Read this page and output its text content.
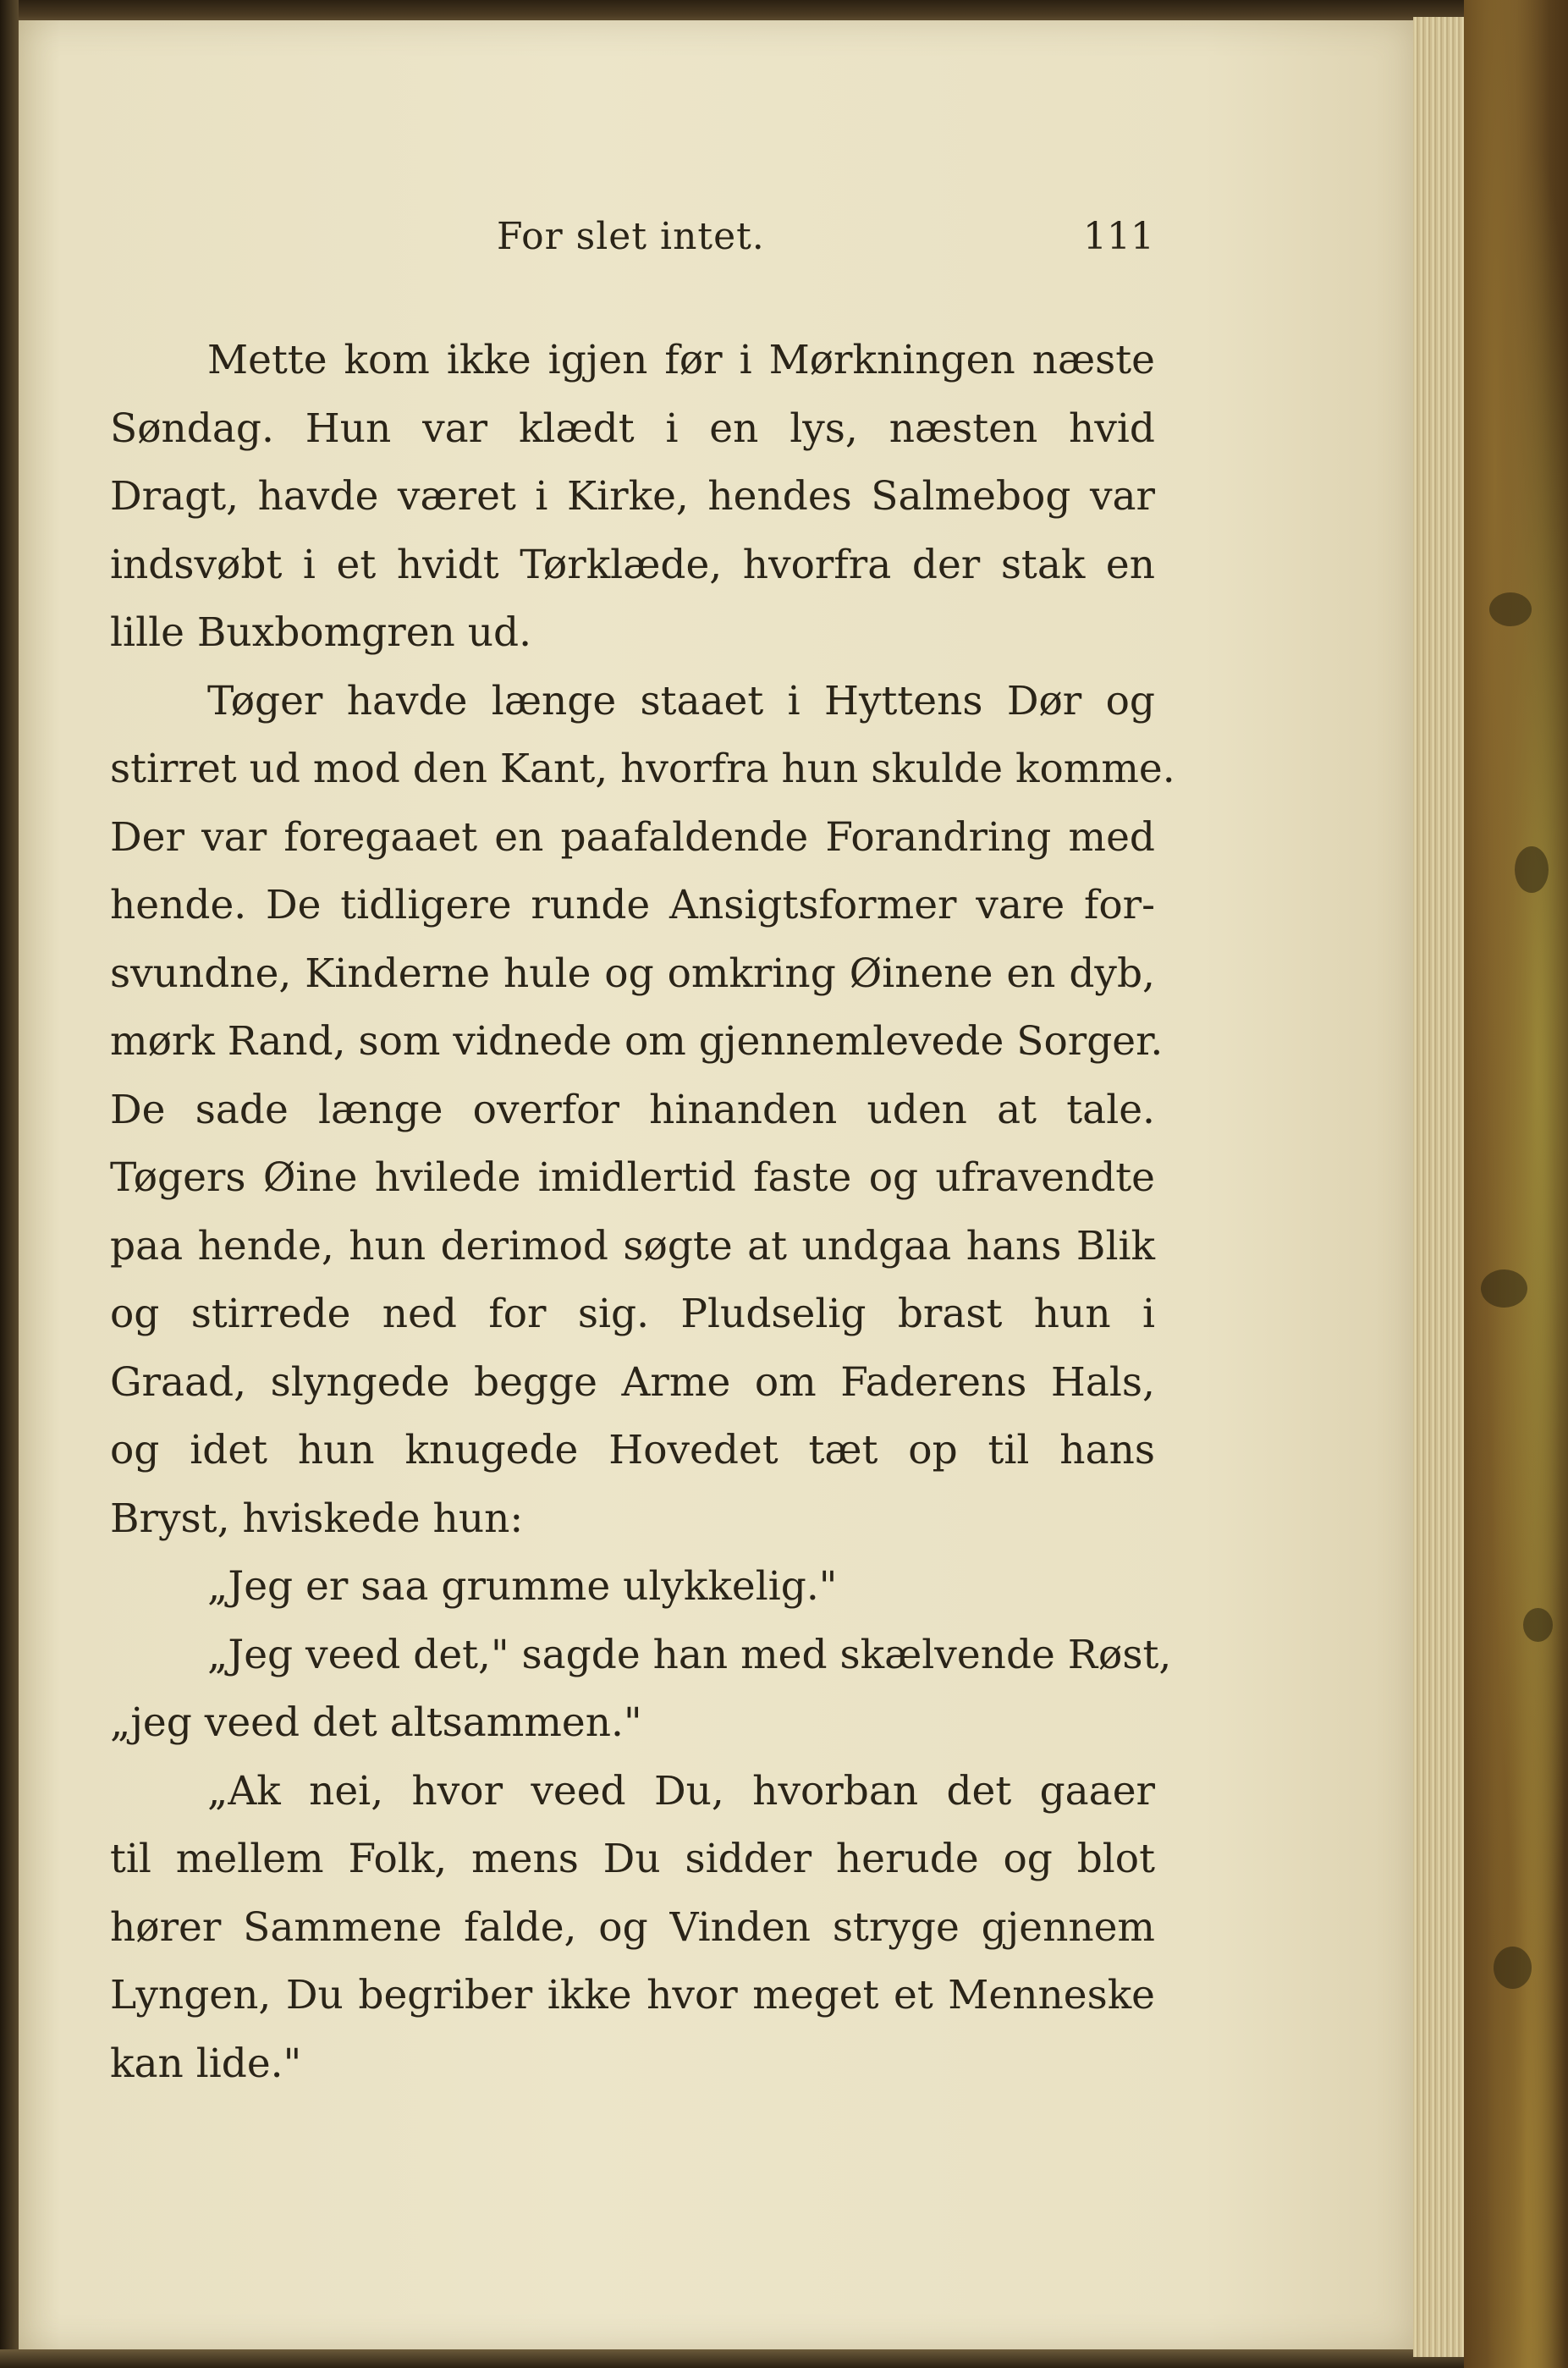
For slet intet.	111
Mette kom ikke igjen før i Mørkningen næste
Søndag. Hun var klædt i en lys, næsten hvid
Dragt, havde været i Kirke, hendes Salmebog var
indsvøbt i et hvidt Tørklæde, hvorfra der stak en
lille Buxbomgren ud.
Tøger havde længe staaet i Hyttens Dør og
stirret ud mod den Kant, hvorfra hun skulde komme.
Der var foregaaet en paafaldende Forandring med
hende. De tidligere runde Ansigtsformer vare for-
svundne, Kinderne hule og omkring Øinene en dyb,
mørk Rand, som vidnede om gjennemlevede Sorger.
De sade længe overfor hinanden uden at tale.
Tøgers Øine hvilede imidlertid faste og ufravendte
paa hende, hun derimod søgte at undgaa hans Blik
og stirrede ned for sig. Pludselig brast hun i
Graad, slyngede begge Arme om Faderens Hals,
og idet hun knugede Hovedet tæt op til hans
Bryst, hviskede hun:
„Jeg er saa grumme ulykkelig."
„Jeg veed det," sagde han med skælvende Røst,
„jeg veed det altsammen."
„Ak nei, hvor veed Du, hvorban det gaaer
til mellem Folk, mens Du sidder herude og blot
hører Sammene falde, og Vinden stryge gjennem
Lyngen, Du begriber ikke hvor meget et Menneske
kan lide."
